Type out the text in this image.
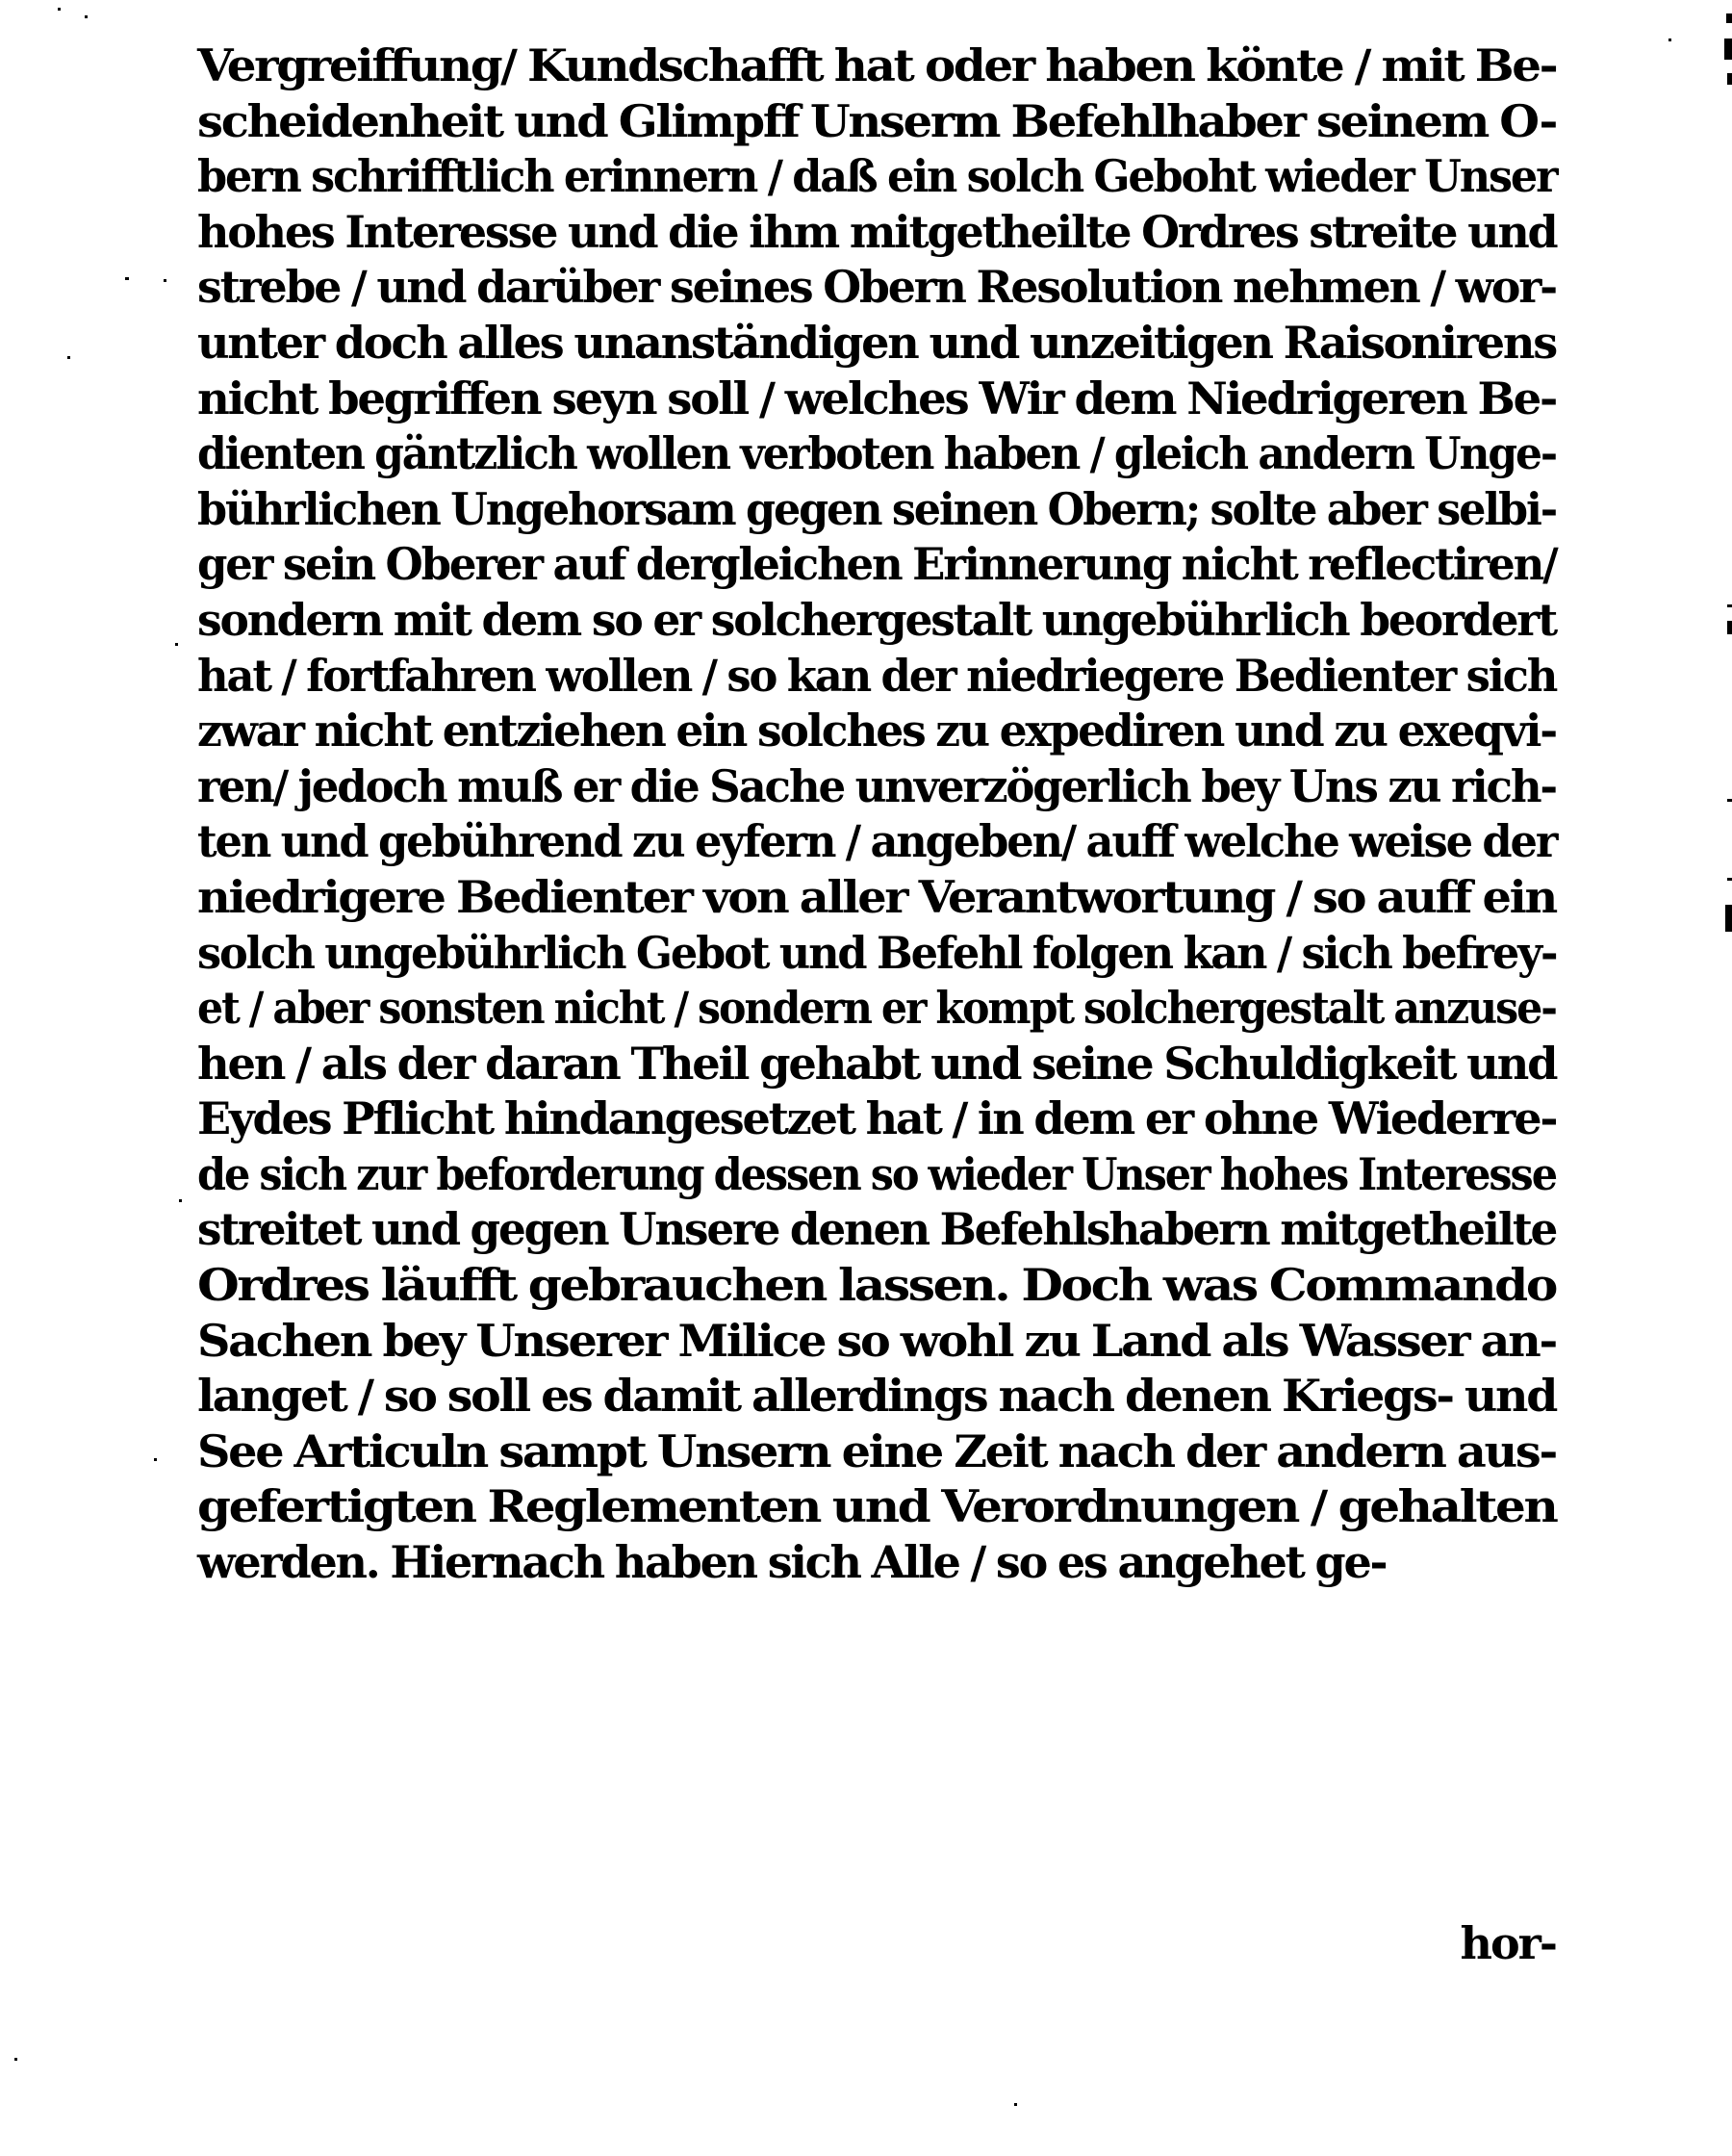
Vergreiffung/ Kundschafft hat oder haben könte / mit Be-
scheidenheit und Glimpff Unserm Befehlhaber seinem O-
bern schrifftlich erinnern / daß ein solch Geboht wieder Unser
hohes Interesse und die ihm mitgetheilte Ordres streite und
strebe / und darüber seines Obern Resolution nehmen / wor-
unter doch alles unanständigen und unzeitigen Raisonirens
nicht begriffen seyn soll / welches Wir dem Niedrigeren Be-
dienten gäntzlich wollen verboten haben / gleich andern Unge-
bührlichen Ungehorsam gegen seinen Obern; solte aber selbi-
ger sein Oberer auf dergleichen Erinnerung nicht reflectiren/
sondern mit dem so er solchergestalt ungebührlich beordert
hat / fortfahren wollen / so kan der niedriegere Bedienter sich
zwar nicht entziehen ein solches zu expediren und zu exeqvi-
ren/ jedoch muß er die Sache unverzögerlich bey Uns zu rich-
ten und gebührend zu eyfern / angeben/ auff welche weise der
niedrigere Bedienter von aller Verantwortung / so auff ein
solch ungebührlich Gebot und Befehl folgen kan / sich befrey-
et / aber sonsten nicht / sondern er kompt solchergestalt anzuse-
hen / als der daran Theil gehabt und seine Schuldigkeit und
Eydes Pflicht hindangesetzet hat / in dem er ohne Wiederre-
de sich zur beforderung dessen so wieder Unser hohes Interesse
streitet und gegen Unsere denen Befehlshabern mitgetheilte
Ordres läufft gebrauchen lassen. Doch was Commando
Sachen bey Unserer Milice so wohl zu Land als Wasser an-
langet / so soll es damit allerdings nach denen Kriegs- und
See Articuln sampt Unsern eine Zeit nach der andern aus-
gefertigten Reglementen und Verordnungen / gehalten
werden. Hiernach haben sich Alle / so es angehet ge-
hor-
